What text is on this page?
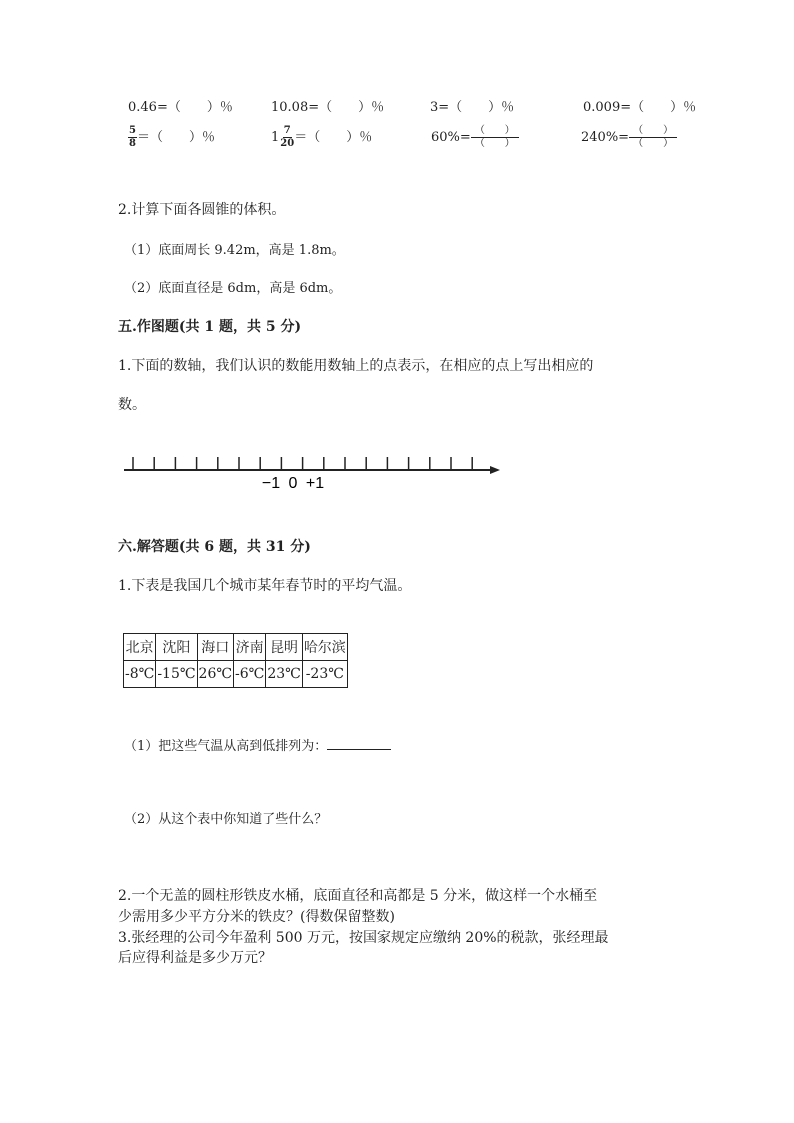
0.46=（　　）％	10.08=（　　）％	3=（　　）％	0.009=（　　）％
$\frac{5}{8}$ ＝（　　）％	$1 \frac{7}{20}$ ＝（　　）％	$60\%= \frac{( )}{( )}$	$240\%= \frac{( )}{( )}$
2.计算下面各圆锥的体积。
（1）底面周长 9.42m，高是 1.8m。
（2）底面直径是 6dm，高是 6dm。
五.作图题(共 1 题，共 5 分)
1.下面的数轴，我们认识的数能用数轴上的点表示，在相应的点上写出相应的
数。
−1 0 +1
六.解答题(共 6 题，共 31 分)
1.下表是我国几个城市某年春节时的平均气温。
北京	沈阳	海口	济南	昆明	哈尔滨
-8℃	-15℃	26℃	-6℃	23℃	-23℃
（1）把这些气温从高到低排列为：
（2）从这个表中你知道了些什么？
2.一个无盖的圆柱形铁皮水桶，底面直径和高都是 5 分米，做这样一个水桶至
少需用多少平方分米的铁皮？(得数保留整数)
3.张经理的公司今年盈利 500 万元，按国家规定应缴纳 20%的税款，张经理最
后应得利益是多少万元？
